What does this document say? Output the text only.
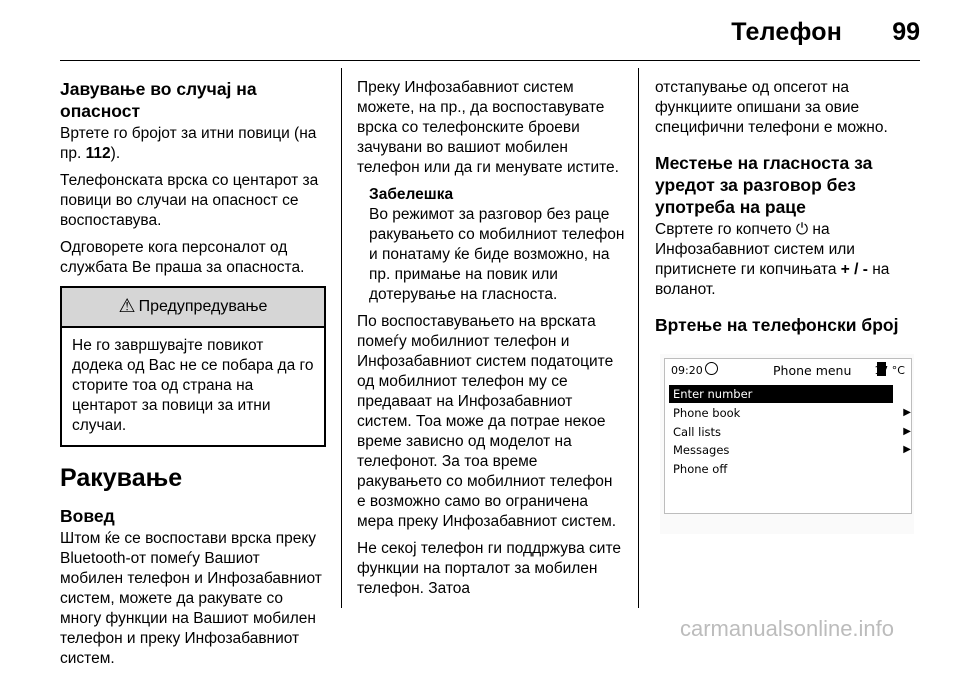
Телефон 99
Јавување во случај на опасност

Вртете го бројот за итни повици (на пр. 112).

Телефонската врска со центарот за повици во случаи на опасност се воспоставува.

Одговорете кога персоналот од службата Ве праша за опасноста.

⚠ Предупредување
Не го завршувајте повикот додека од Вас не се побара да го сторите тоа од страна на центарот за повици за итни случаи.
Ракување
Вовед

Штом ќе се воспостави врска преку Bluetooth-от помеѓу Вашиот мобилен телефон и Инфозабавниот систем, можете да ракувате со многу функции на Вашиот мобилен телефон и преку Инфозабавниот систем.

Преку Инфозабавниот систем можете, на пр., да воспоставувате врска со телефонските броеви зачувани во вашиот мобилен телефон или да ги менувате истите.

Забелешка
Во режимот за разговор без раце ракувањето со мобилниот телефон и понатаму ќе биде возможно, на пр. примање на повик или дотерување на гласноста.

По воспоставувањето на врската помеѓу мобилниот телефон и Инфозабавниот систем податоците од мобилниот телефон му се предаваат на Инфозабавниот систем. Тоа може да потрае некое време зависно од моделот на телефонот. За тоа време ракувањето со мобилниот телефон е возможно само во ограничена мера преку Инфозабавниот систем.

Не секој телефон ги поддржува сите функции на порталот за мобилен телефон. Затоа

отстапување од опсегот на функциите опишани за овие специфични телефони е можно.

Местење на гласноста за уредот за разговор без употреба на раце

Свртете го копчето ⏻ на Инфозабавниот систем или притиснете ги копчињата + / - на воланот.

Вртење на телефонски број
09:20	Phone menu 17 °C
Enter number
Phone book	▶
Call lists	▶
Messages	▶
Phone off
carmanualsonline.info
